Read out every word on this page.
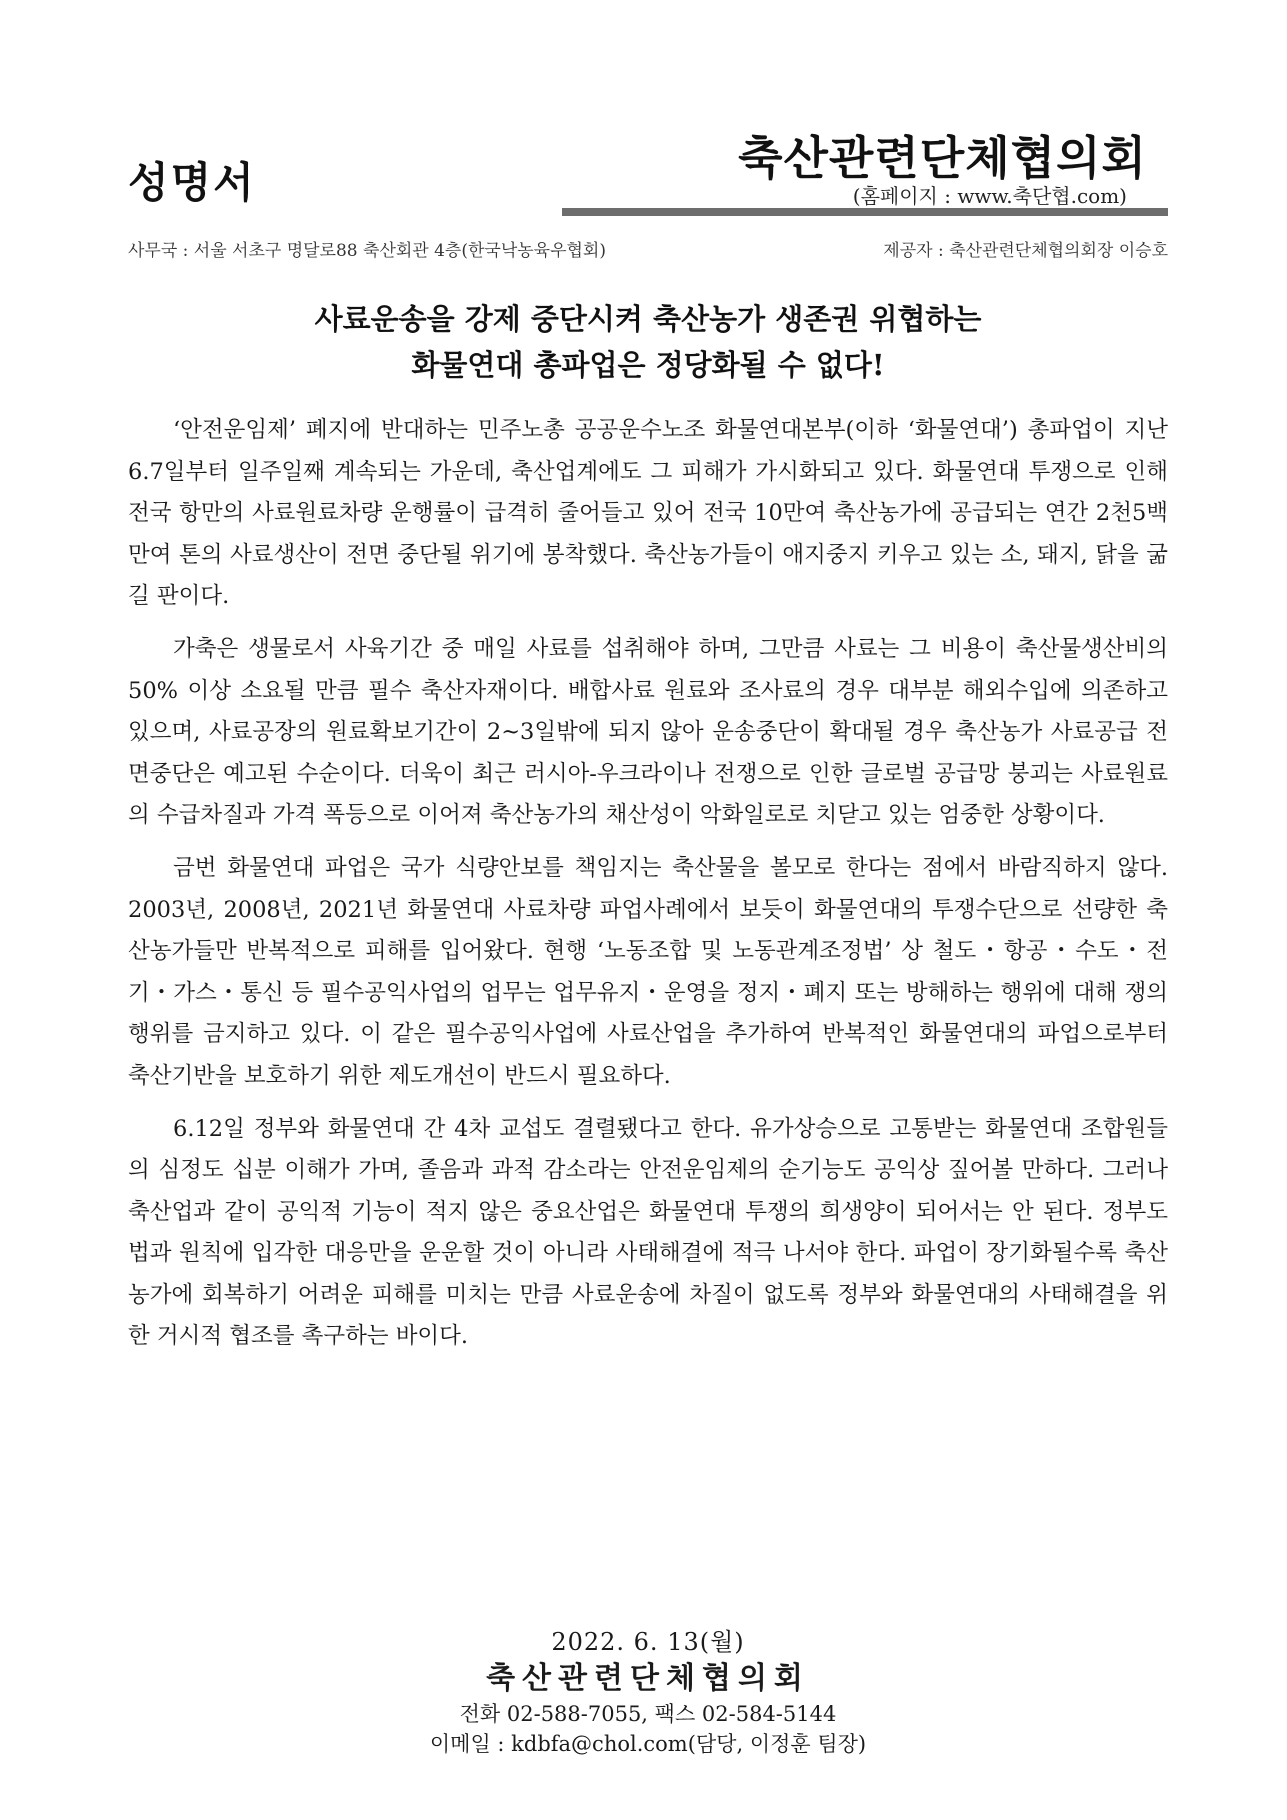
성명서	축산관련단체협의회
(홈페이지 : www.축단협.com)
사무국 : 서울 서초구 명달로88 축산회관 4층(한국낙농육우협회)	제공자 : 축산관련단체협의회장 이승호
사료운송을 강제 중단시켜 축산농가 생존권 위협하는
화물연대 총파업은 정당화될 수 없다!

‘안전운임제’ 폐지에 반대하는 민주노총 공공운수노조 화물연대본부(이하 ‘화물연대’) 총파업이 지난 6.7일부터 일주일째 계속되는 가운데, 축산업계에도 그 피해가 가시화되고 있다. 화물연대 투쟁으로 인해 전국 항만의 사료원료차량 운행률이 급격히 줄어들고 있어 전국 10만여 축산농가에 공급되는 연간 2천5백만여 톤의 사료생산이 전면 중단될 위기에 봉착했다. 축산농가들이 애지중지 키우고 있는 소, 돼지, 닭을 굶길 판이다.

가축은 생물로서 사육기간 중 매일 사료를 섭취해야 하며, 그만큼 사료는 그 비용이 축산물생산비의 50% 이상 소요될 만큼 필수 축산자재이다. 배합사료 원료와 조사료의 경우 대부분 해외수입에 의존하고 있으며, 사료공장의 원료확보기간이 2~3일밖에 되지 않아 운송중단이 확대될 경우 축산농가 사료공급 전면중단은 예고된 수순이다. 더욱이 최근 러시아-우크라이나 전쟁으로 인한 글로벌 공급망 붕괴는 사료원료의 수급차질과 가격 폭등으로 이어져 축산농가의 채산성이 악화일로로 치닫고 있는 엄중한 상황이다.

금번 화물연대 파업은 국가 식량안보를 책임지는 축산물을 볼모로 한다는 점에서 바람직하지 않다. 2003년, 2008년, 2021년 화물연대 사료차량 파업사례에서 보듯이 화물연대의 투쟁수단으로 선량한 축산농가들만 반복적으로 피해를 입어왔다. 현행 ‘노동조합 및 노동관계조정법’ 상 철도・항공・수도・전기・가스・통신 등 필수공익사업의 업무는 업무유지・운영을 정지・폐지 또는 방해하는 행위에 대해 쟁의행위를 금지하고 있다. 이 같은 필수공익사업에 사료산업을 추가하여 반복적인 화물연대의 파업으로부터 축산기반을 보호하기 위한 제도개선이 반드시 필요하다.

6.12일 정부와 화물연대 간 4차 교섭도 결렬됐다고 한다. 유가상승으로 고통받는 화물연대 조합원들의 심정도 십분 이해가 가며, 졸음과 과적 감소라는 안전운임제의 순기능도 공익상 짚어볼 만하다. 그러나 축산업과 같이 공익적 기능이 적지 않은 중요산업은 화물연대 투쟁의 희생양이 되어서는 안 된다. 정부도 법과 원칙에 입각한 대응만을 운운할 것이 아니라 사태해결에 적극 나서야 한다. 파업이 장기화될수록 축산농가에 회복하기 어려운 피해를 미치는 만큼 사료운송에 차질이 없도록 정부와 화물연대의 사태해결을 위한 거시적 협조를 촉구하는 바이다.

2022. 6. 13(월)
축산관련단체협의회
전화 02-588-7055, 팩스 02-584-5144
이메일 : kdbfa@chol.com(담당, 이정훈 팀장)
